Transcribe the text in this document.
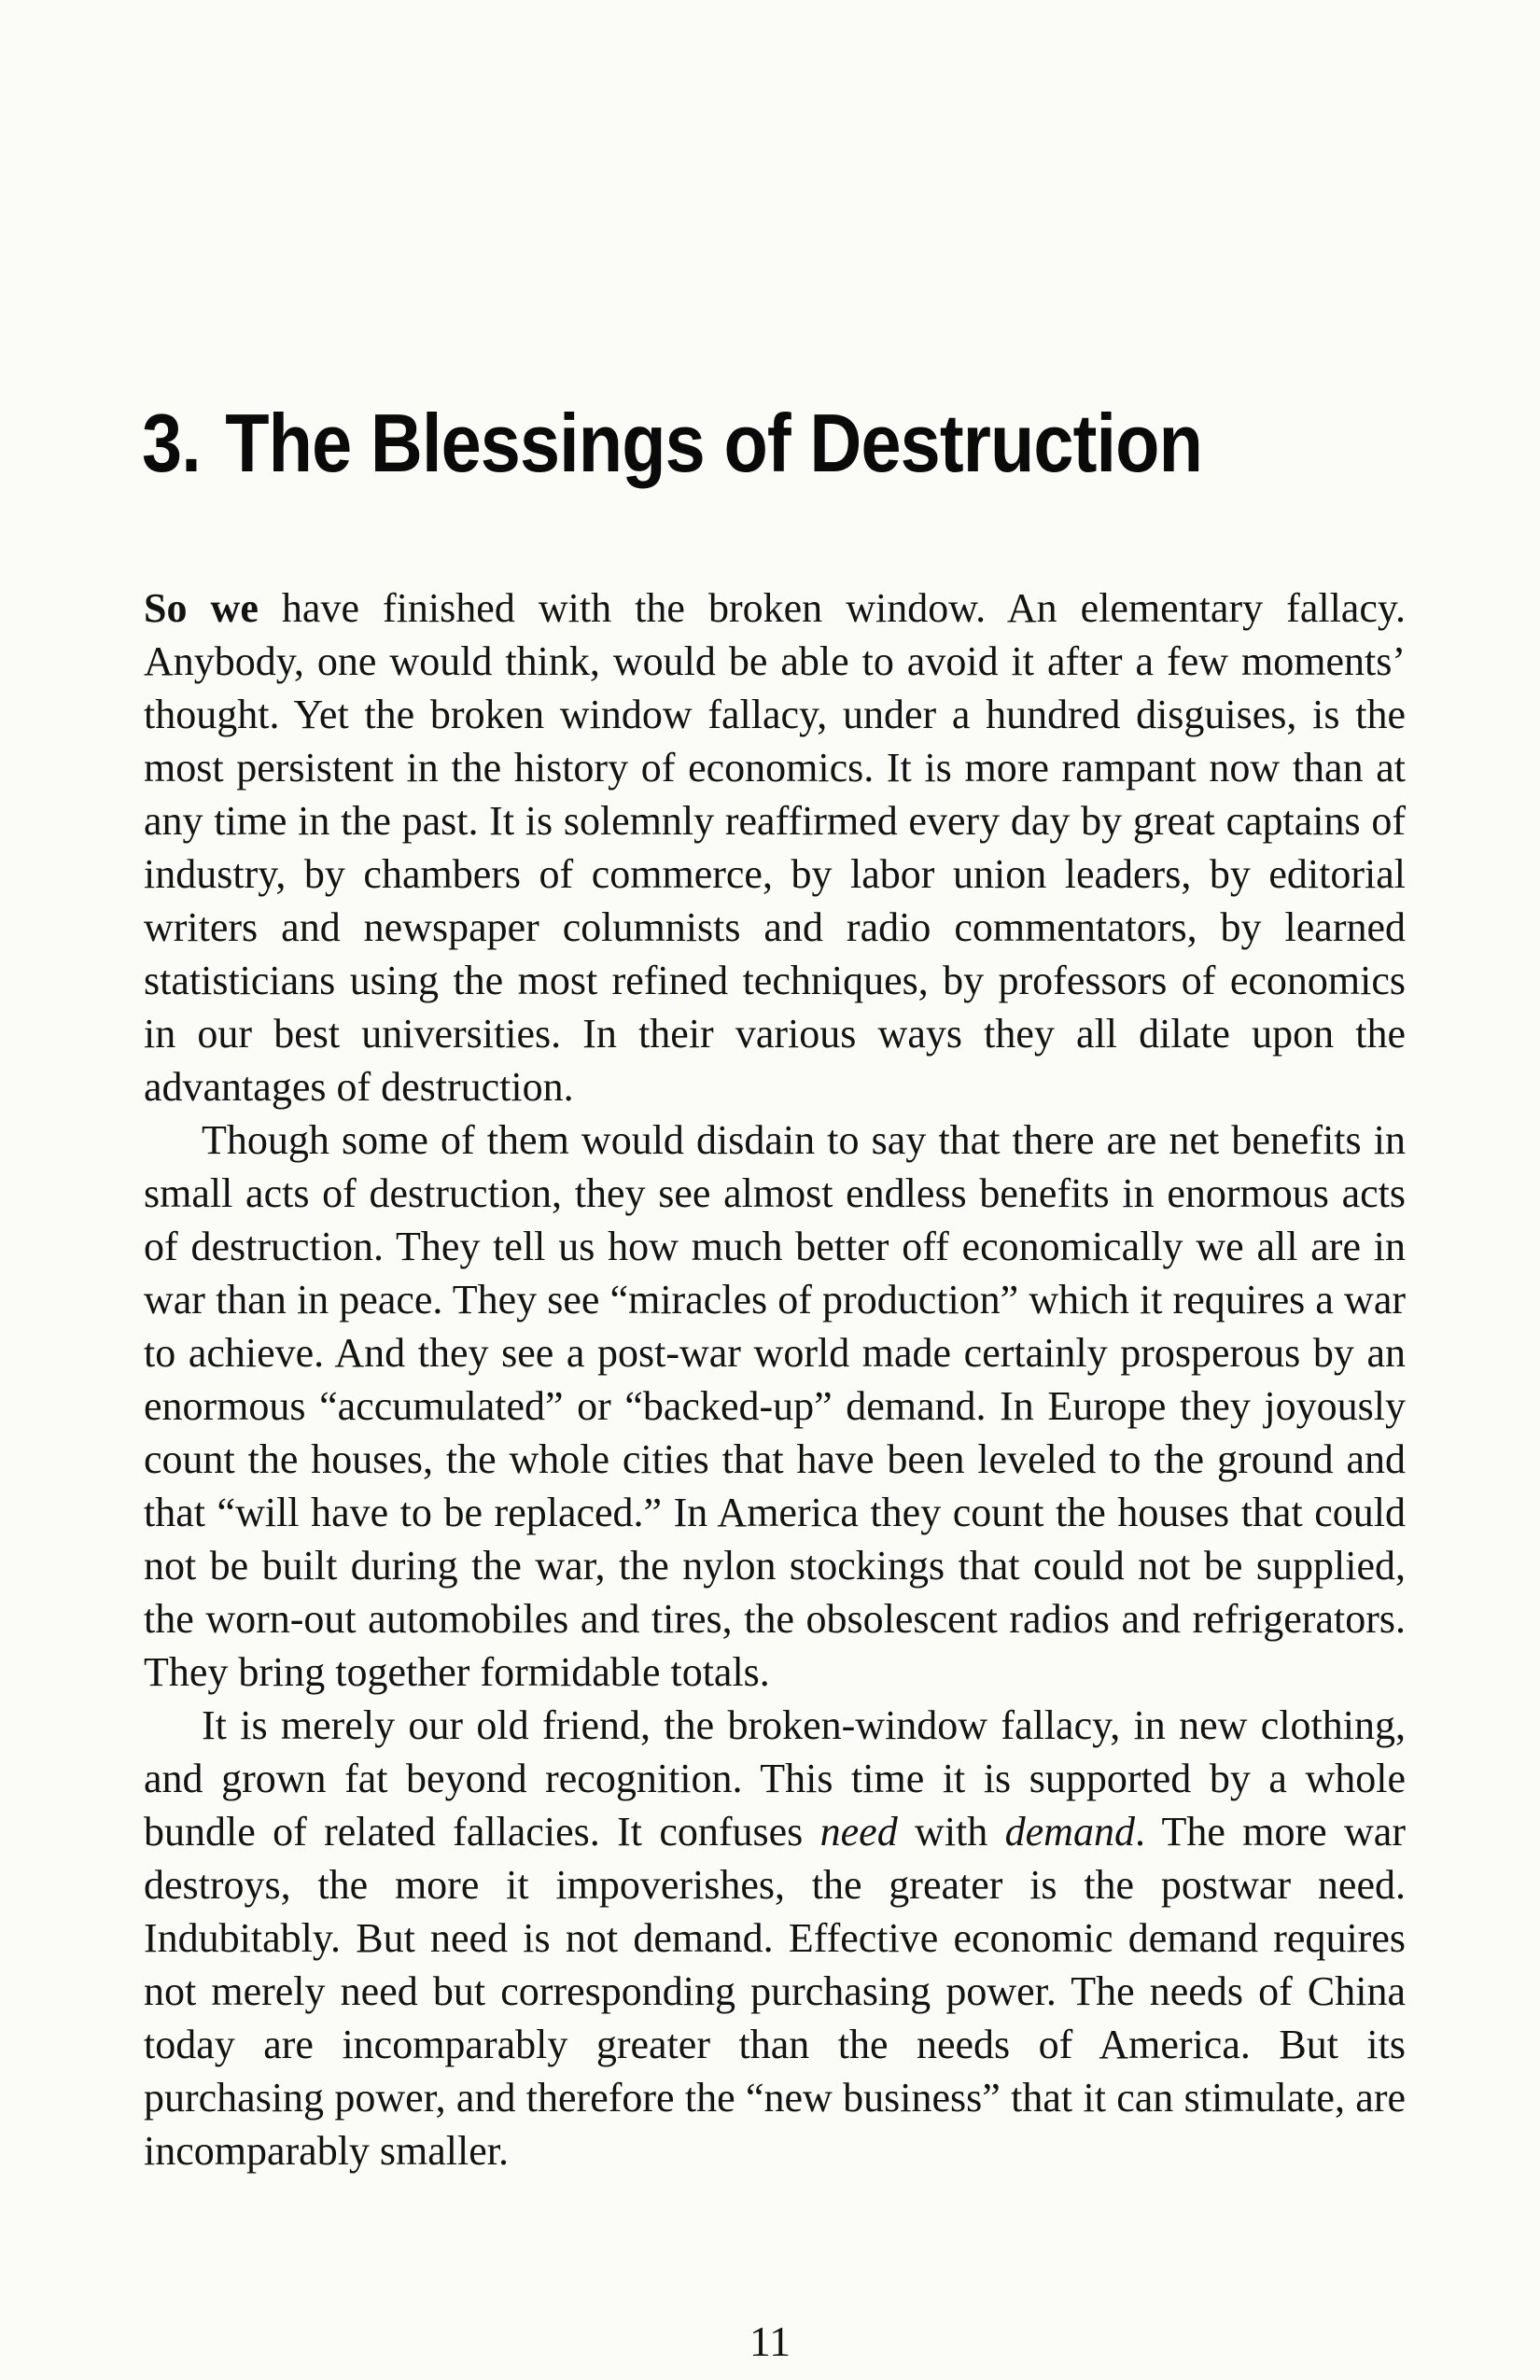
3. The Blessings of Destruction

So we have finished with the broken window. An elementary fallacy. Anybody, one would think, would be able to avoid it after a few moments’ thought. Yet the broken window fallacy, under a hundred disguises, is the most persistent in the history of economics. It is more rampant now than at any time in the past. It is solemnly reaffirmed every day by great captains of industry, by chambers of commerce, by labor union leaders, by editorial writers and newspaper columnists and radio commentators, by learned statisticians using the most refined techniques, by professors of economics in our best universities. In their various ways they all dilate upon the advantages of destruction.

Though some of them would disdain to say that there are net benefits in small acts of destruction, they see almost endless benefits in enormous acts of destruction. They tell us how much better off economically we all are in war than in peace. They see “miracles of production” which it requires a war to achieve. And they see a post-war world made certainly prosperous by an enormous “accumulated” or “backed-up” demand. In Europe they joyously count the houses, the whole cities that have been leveled to the ground and that “will have to be replaced.” In America they count the houses that could not be built during the war, the nylon stockings that could not be supplied, the worn-out automobiles and tires, the obsolescent radios and refrigerators. They bring together formidable totals.

It is merely our old friend, the broken-window fallacy, in new clothing, and grown fat beyond recognition. This time it is supported by a whole bundle of related fallacies. It confuses need with demand. The more war destroys, the more it impoverishes, the greater is the postwar need. Indubitably. But need is not demand. Effective economic demand requires not merely need but corresponding purchasing power. The needs of China today are incomparably greater than the needs of America. But its purchasing power, and therefore the “new business” that it can stimulate, are incomparably smaller.

11
